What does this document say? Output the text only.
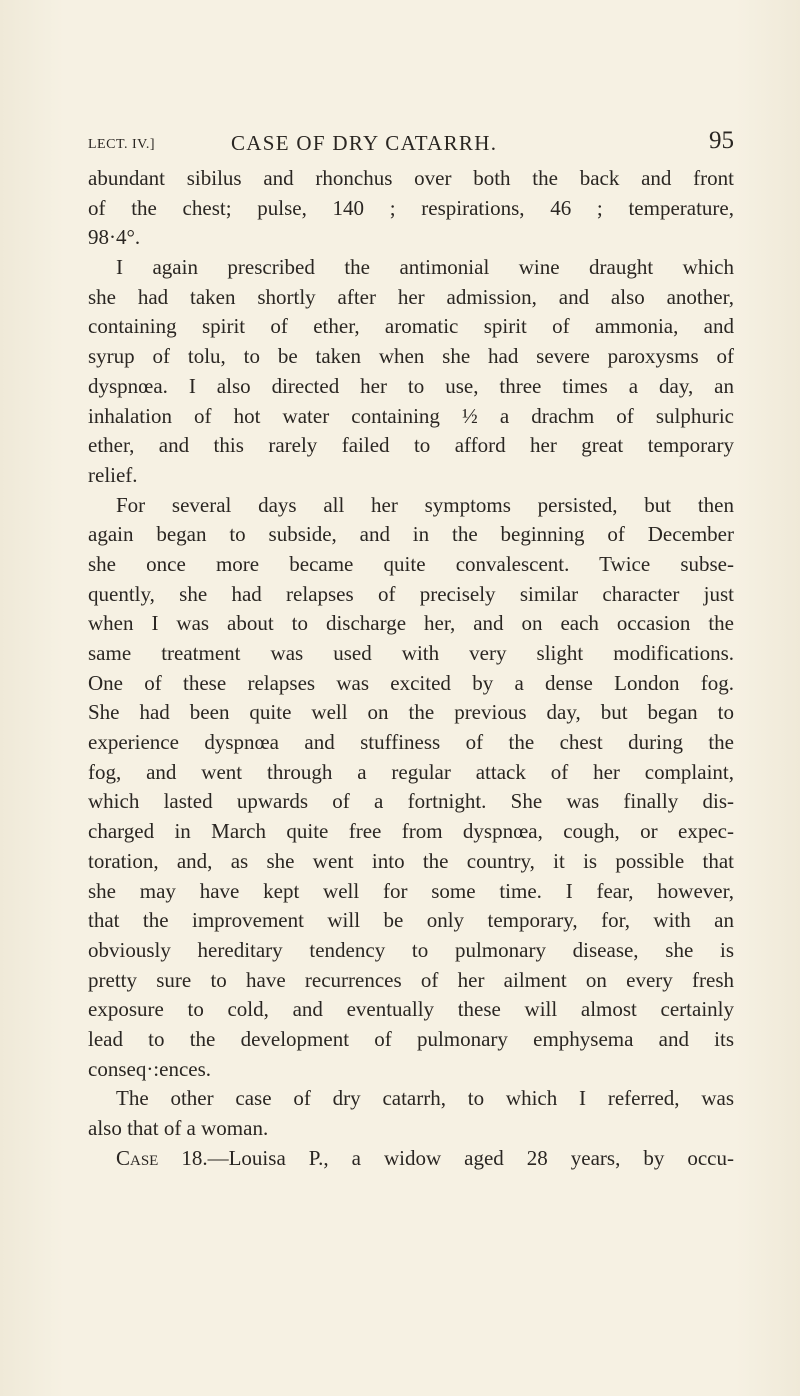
LECT. IV.]	CASE OF DRY CATARRH.	95
abundant sibilus and rhonchus over both the back and front
of the chest; pulse, 140 ; respirations, 46 ; temperature,
98·4°.
I again prescribed the antimonial wine draught which
she had taken shortly after her admission, and also another,
containing spirit of ether, aromatic spirit of ammonia, and
syrup of tolu, to be taken when she had severe paroxysms of
dyspnœa. I also directed her to use, three times a day, an
inhalation of hot water containing ½ a drachm of sulphuric
ether, and this rarely failed to afford her great temporary
relief.
For several days all her symptoms persisted, but then
again began to subside, and in the beginning of December
she once more became quite convalescent. Twice subse-
quently, she had relapses of precisely similar character just
when I was about to discharge her, and on each occasion the
same treatment was used with very slight modifications.
One of these relapses was excited by a dense London fog.
She had been quite well on the previous day, but began to
experience dyspnœa and stuffiness of the chest during the
fog, and went through a regular attack of her complaint,
which lasted upwards of a fortnight. She was finally dis-
charged in March quite free from dyspnœa, cough, or expec-
toration, and, as she went into the country, it is possible that
she may have kept well for some time. I fear, however,
that the improvement will be only temporary, for, with an
obviously hereditary tendency to pulmonary disease, she is
pretty sure to have recurrences of her ailment on every fresh
exposure to cold, and eventually these will almost certainly
lead to the development of pulmonary emphysema and its
conseq·:ences.
The other case of dry catarrh, to which I referred, was
also that of a woman.
Case 18.—Louisa P., a widow aged 28 years, by occu-
